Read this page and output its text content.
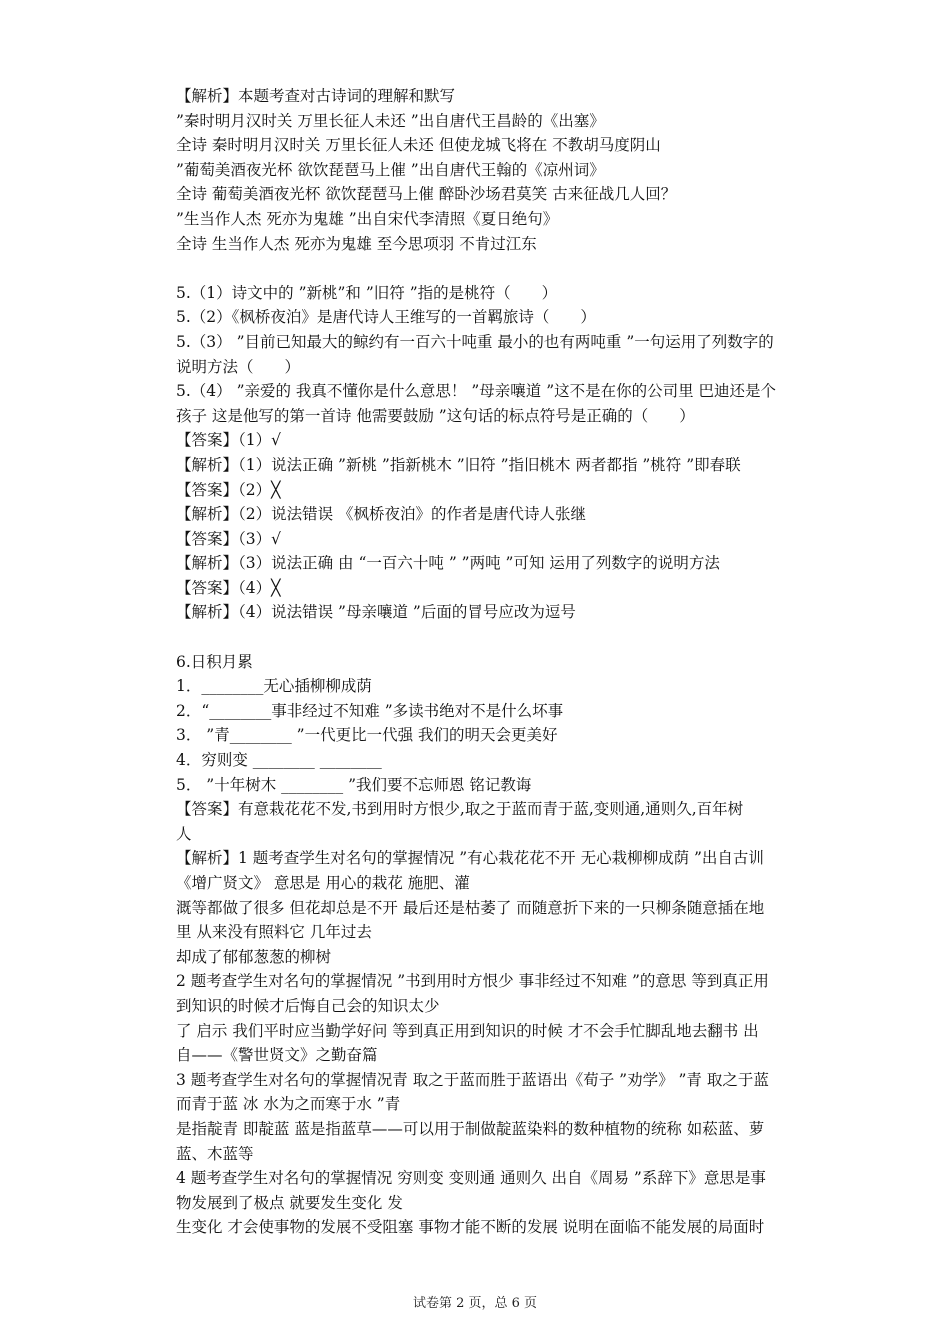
【解析】本题考查对古诗词的理解和默写
”秦时明月汉时关 万里长征人未还 ”出自唐代王昌龄的《出塞》
全诗 秦时明月汉时关 万里长征人未还 但使龙城飞将在 不教胡马度阴山
”葡萄美酒夜光杯 欲饮琵琶马上催 ”出自唐代王翰的《凉州词》
全诗 葡萄美酒夜光杯 欲饮琵琶马上催 醉卧沙场君莫笑 古来征战几人回？
”生当作人杰 死亦为鬼雄 ”出自宋代李清照《夏日绝句》
全诗 生当作人杰 死亦为鬼雄 至今思项羽 不肯过江东
5.（1）诗文中的 ”新桃”和 ”旧符 ”指的是桃符（　　）
5.（2）《枫桥夜泊》是唐代诗人王维写的一首羁旅诗（　　）
5.（3） ”目前已知最大的鲸约有一百六十吨重 最小的也有两吨重 ”一句运用了列数字的
说明方法（　　）
5.（4） ”亲爱的 我真不懂你是什么意思！ ”母亲嚷道 ”这不是在你的公司里 巴迪还是个
孩子 这是他写的第一首诗 他需要鼓励 ”这句话的标点符号是正确的（　　）
【答案】（1）√
【解析】（1）说法正确 ”新桃 ”指新桃木 ”旧符 ”指旧桃木 两者都指 ”桃符 ”即春联
【答案】（2）╳
【解析】（2）说法错误 《枫桥夜泊》的作者是唐代诗人张继
【答案】（3）√
【解析】（3）说法正确 由 “一百六十吨 ” ”两吨 ”可知 运用了列数字的说明方法
【答案】（4）╳
【解析】（4）说法错误 ”母亲嚷道 ”后面的冒号应改为逗号
6.日积月累
1．________无心插柳柳成荫
2．“________事非经过不知难 ”多读书绝对不是什么坏事
3． ”青________ ”一代更比一代强 我们的明天会更美好
4．穷则变 ________ ________
5． ”十年树木 ________ ”我们要不忘师恩 铭记教诲
【答案】有意栽花花不发,书到用时方恨少,取之于蓝而青于蓝,变则通,通则久,百年树
人
【解析】1 题考查学生对名句的掌握情况 ”有心栽花花不开 无心栽柳柳成荫 ”出自古训
《增广贤文》 意思是 用心的栽花 施肥、灌
溉等都做了很多 但花却总是不开 最后还是枯萎了 而随意折下来的一只柳条随意插在地
里 从来没有照料它 几年过去
却成了郁郁葱葱的柳树
2 题考查学生对名句的掌握情况 ”书到用时方恨少 事非经过不知难 ”的意思 等到真正用
到知识的时候才后悔自己会的知识太少
了 启示 我们平时应当勤学好问 等到真正用到知识的时候 才不会手忙脚乱地去翻书 出
自——《警世贤文》之勤奋篇
3 题考查学生对名句的掌握情况青 取之于蓝而胜于蓝语出《荀子 ”劝学》 ”青 取之于蓝
而青于蓝 冰 水为之而寒于水 ”青
是指靛青 即靛蓝 蓝是指蓝草——可以用于制做靛蓝染料的数种植物的统称 如菘蓝、萝
蓝、木蓝等
4 题考查学生对名句的掌握情况 穷则变 变则通 通则久 出自《周易 ”系辞下》意思是事
物发展到了极点 就要发生变化 发
生变化 才会使事物的发展不受阻塞 事物才能不断的发展 说明在面临不能发展的局面时
试卷第 2 页，总 6 页
